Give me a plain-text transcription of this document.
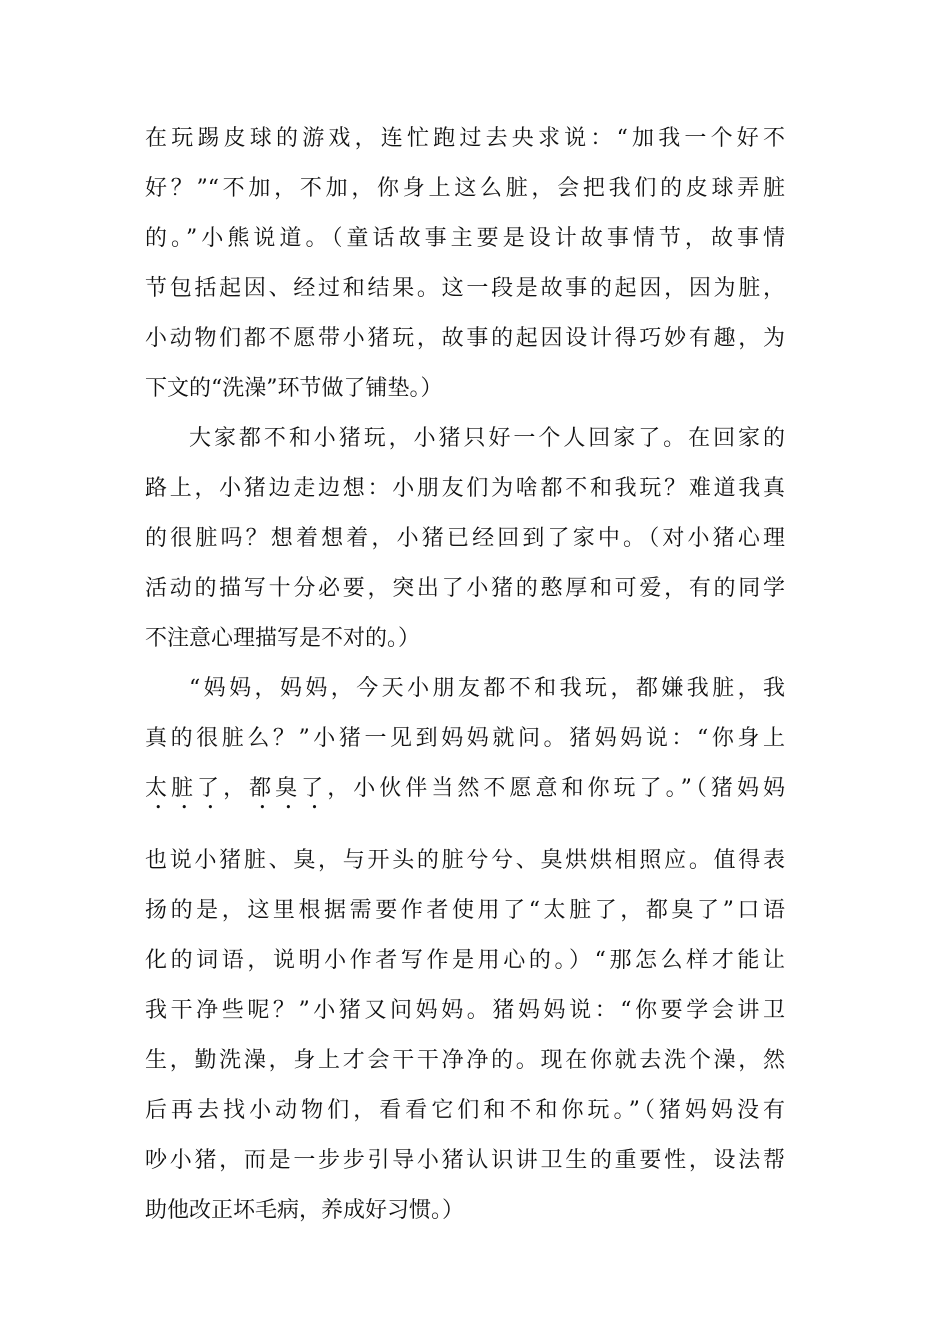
在玩踢皮球的游戏，连忙跑过去央求说：“加我一个好不
好？”“不加，不加，你身上这么脏，会把我们的皮球弄脏
的。”小熊说道。（童话故事主要是设计故事情节，故事情
节包括起因、经过和结果。这一段是故事的起因，因为脏，
小动物们都不愿带小猪玩，故事的起因设计得巧妙有趣，为
下文的“洗澡”环节做了铺垫。）
大家都不和小猪玩，小猪只好一个人回家了。在回家的
路上，小猪边走边想：小朋友们为啥都不和我玩？难道我真
的很脏吗？想着想着，小猪已经回到了家中。（对小猪心理
活动的描写十分必要，突出了小猪的憨厚和可爱，有的同学
不注意心理描写是不对的。）
“妈妈，妈妈，今天小朋友都不和我玩，都嫌我脏，我
真的很脏么？”小猪一见到妈妈就问。猪妈妈说：“你身上
太脏了，都臭了，小伙伴当然不愿意和你玩了。”（猪妈妈
也说小猪脏、臭，与开头的脏兮兮、臭烘烘相照应。值得表
扬的是，这里根据需要作者使用了“太脏了，都臭了”口语
化的词语，说明小作者写作是用心的。）“那怎么样才能让
我干净些呢？”小猪又问妈妈。猪妈妈说：“你要学会讲卫
生，勤洗澡，身上才会干干净净的。现在你就去洗个澡，然
后再去找小动物们，看看它们和不和你玩。”（猪妈妈没有
吵小猪，而是一步步引导小猪认识讲卫生的重要性，设法帮
助他改正坏毛病，养成好习惯。）
